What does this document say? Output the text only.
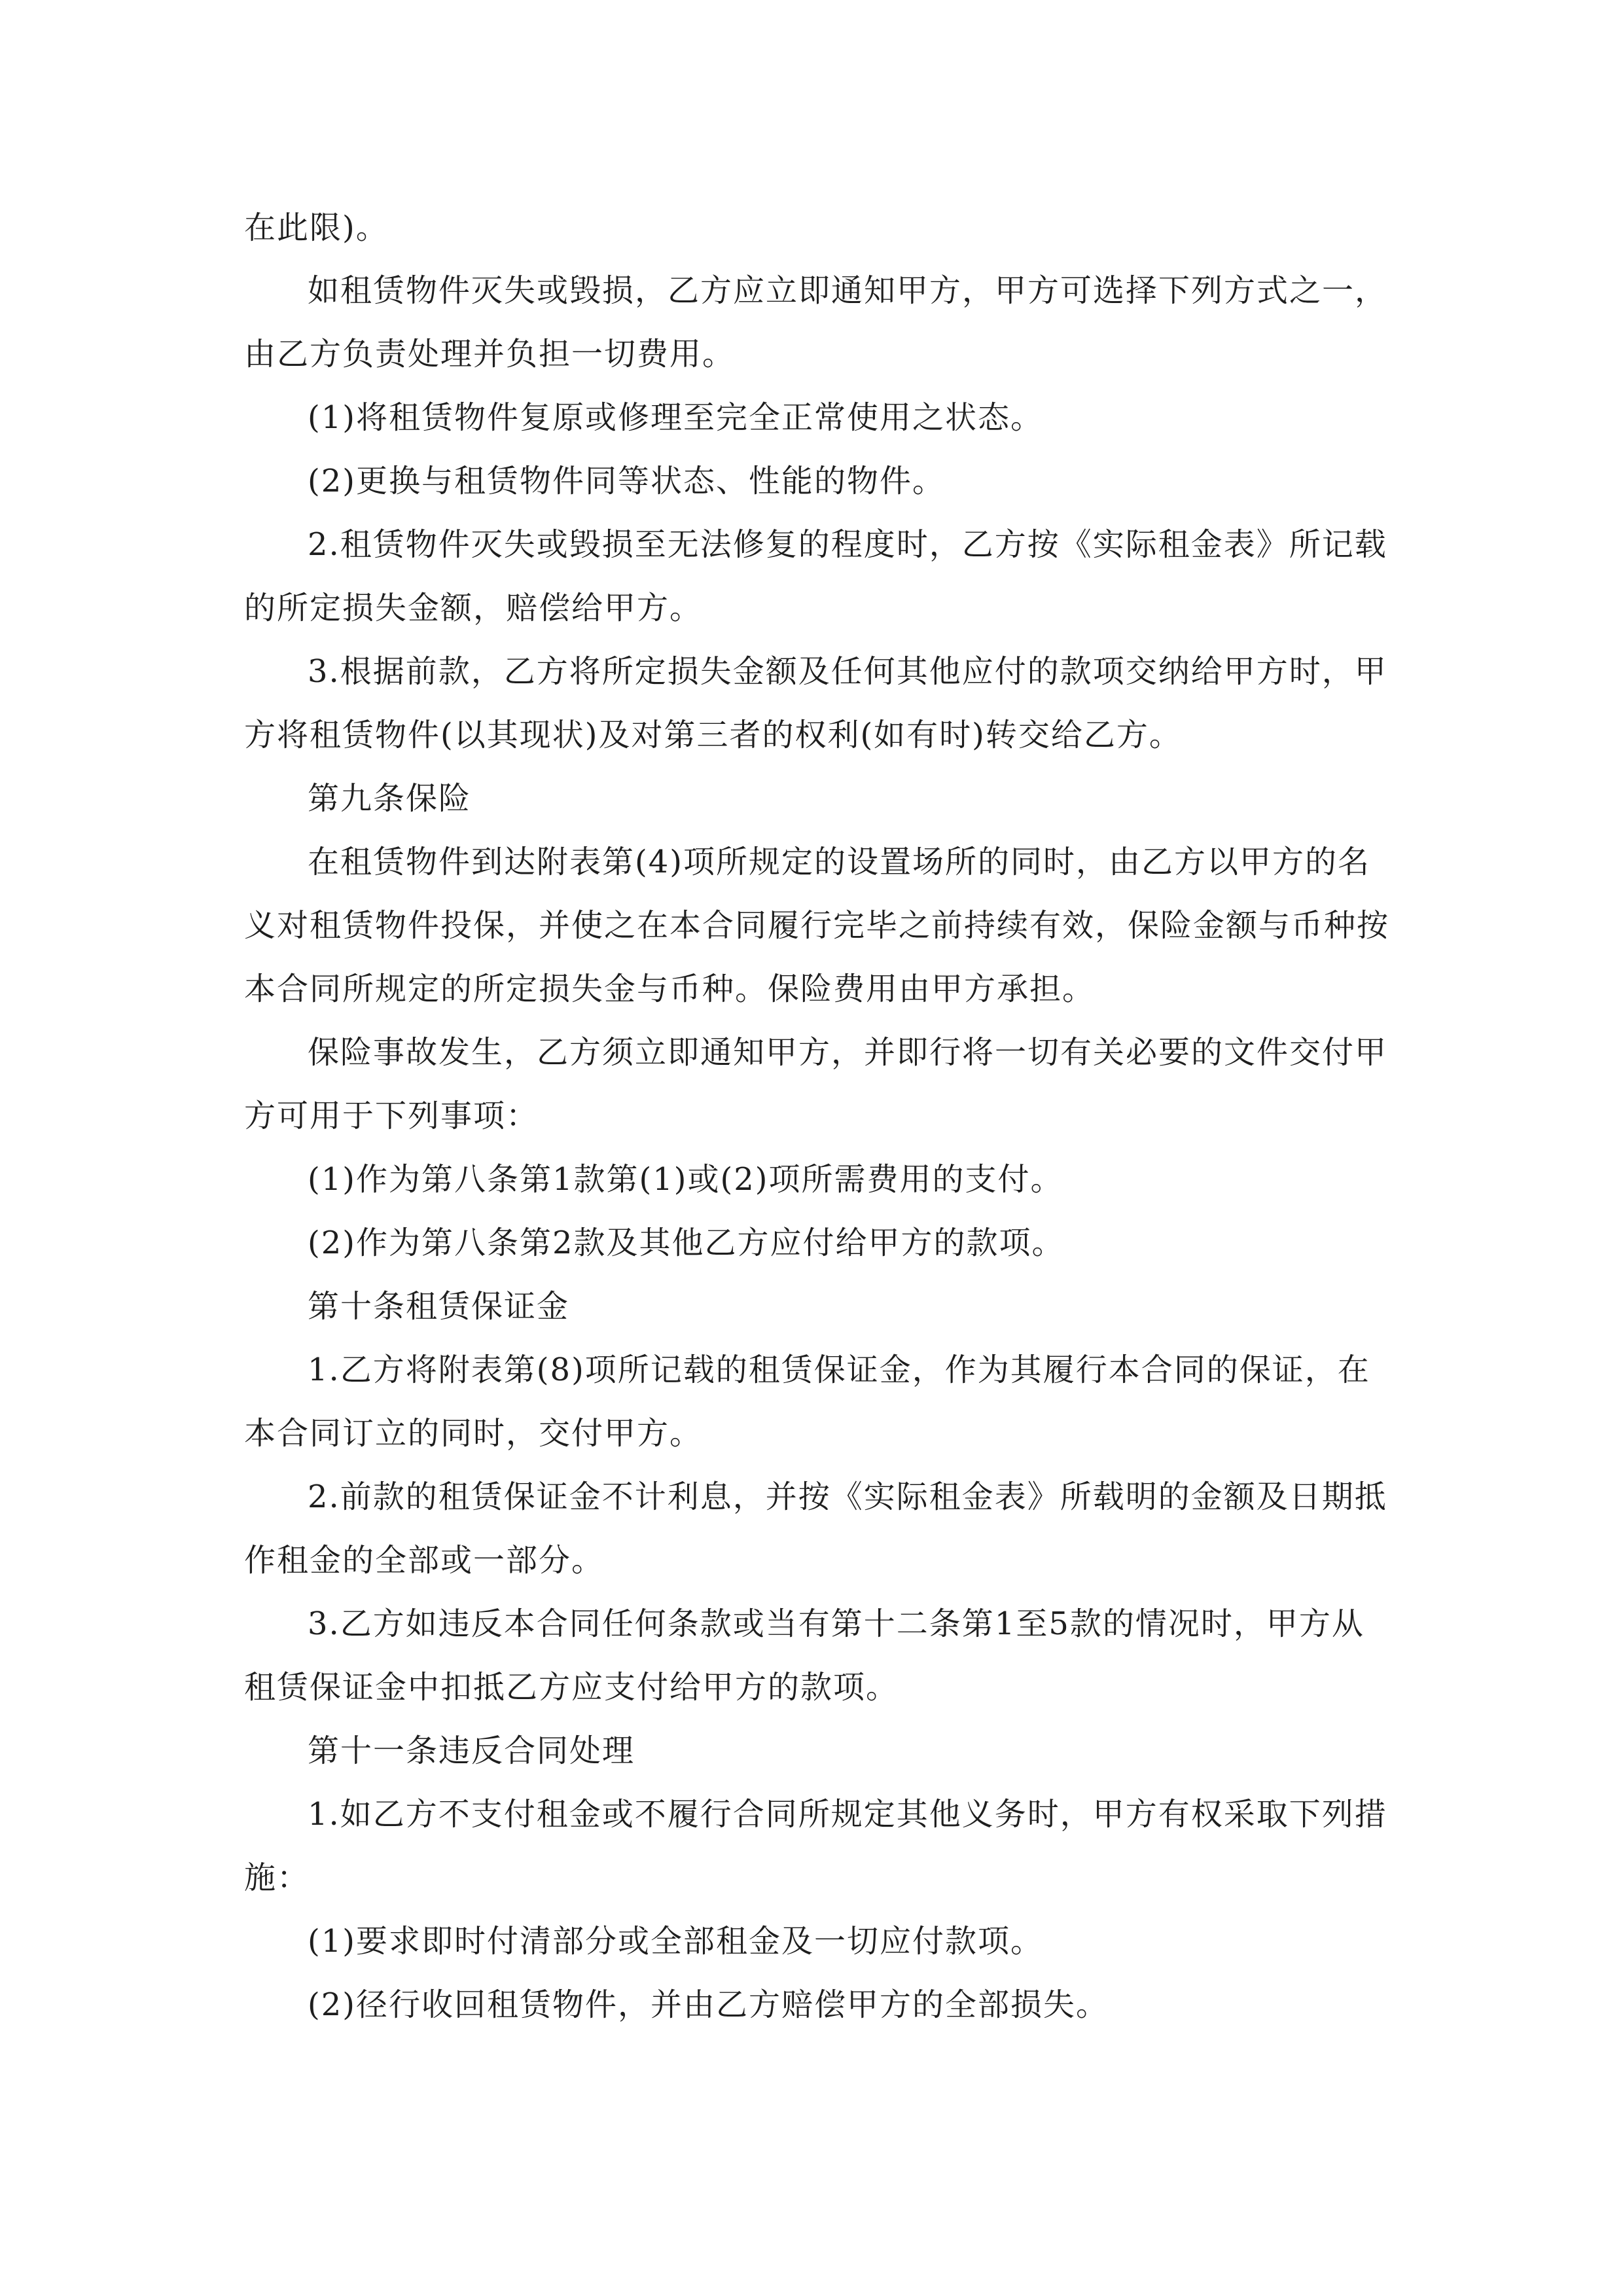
在此限)。
如租赁物件灭失或毁损，乙方应立即通知甲方，甲方可选择下列方式之一，
由乙方负责处理并负担一切费用。
(1)将租赁物件复原或修理至完全正常使用之状态。
(2)更换与租赁物件同等状态、性能的物件。
2.租赁物件灭失或毁损至无法修复的程度时，乙方按《实际租金表》所记载
的所定损失金额，赔偿给甲方。
3.根据前款，乙方将所定损失金额及任何其他应付的款项交纳给甲方时，甲
方将租赁物件(以其现状)及对第三者的权利(如有时)转交给乙方。
第九条保险
在租赁物件到达附表第(4)项所规定的设置场所的同时，由乙方以甲方的名
义对租赁物件投保，并使之在本合同履行完毕之前持续有效，保险金额与币种按
本合同所规定的所定损失金与币种。保险费用由甲方承担。
保险事故发生，乙方须立即通知甲方，并即行将一切有关必要的文件交付甲
方可用于下列事项：
(1)作为第八条第1款第(1)或(2)项所需费用的支付。
(2)作为第八条第2款及其他乙方应付给甲方的款项。
第十条租赁保证金
1.乙方将附表第(8)项所记载的租赁保证金，作为其履行本合同的保证，在
本合同订立的同时，交付甲方。
2.前款的租赁保证金不计利息，并按《实际租金表》所载明的金额及日期抵
作租金的全部或一部分。
3.乙方如违反本合同任何条款或当有第十二条第1至5款的情况时，甲方从
租赁保证金中扣抵乙方应支付给甲方的款项。
第十一条违反合同处理
1.如乙方不支付租金或不履行合同所规定其他义务时，甲方有权采取下列措
施：
(1)要求即时付清部分或全部租金及一切应付款项。
(2)径行收回租赁物件，并由乙方赔偿甲方的全部损失。
